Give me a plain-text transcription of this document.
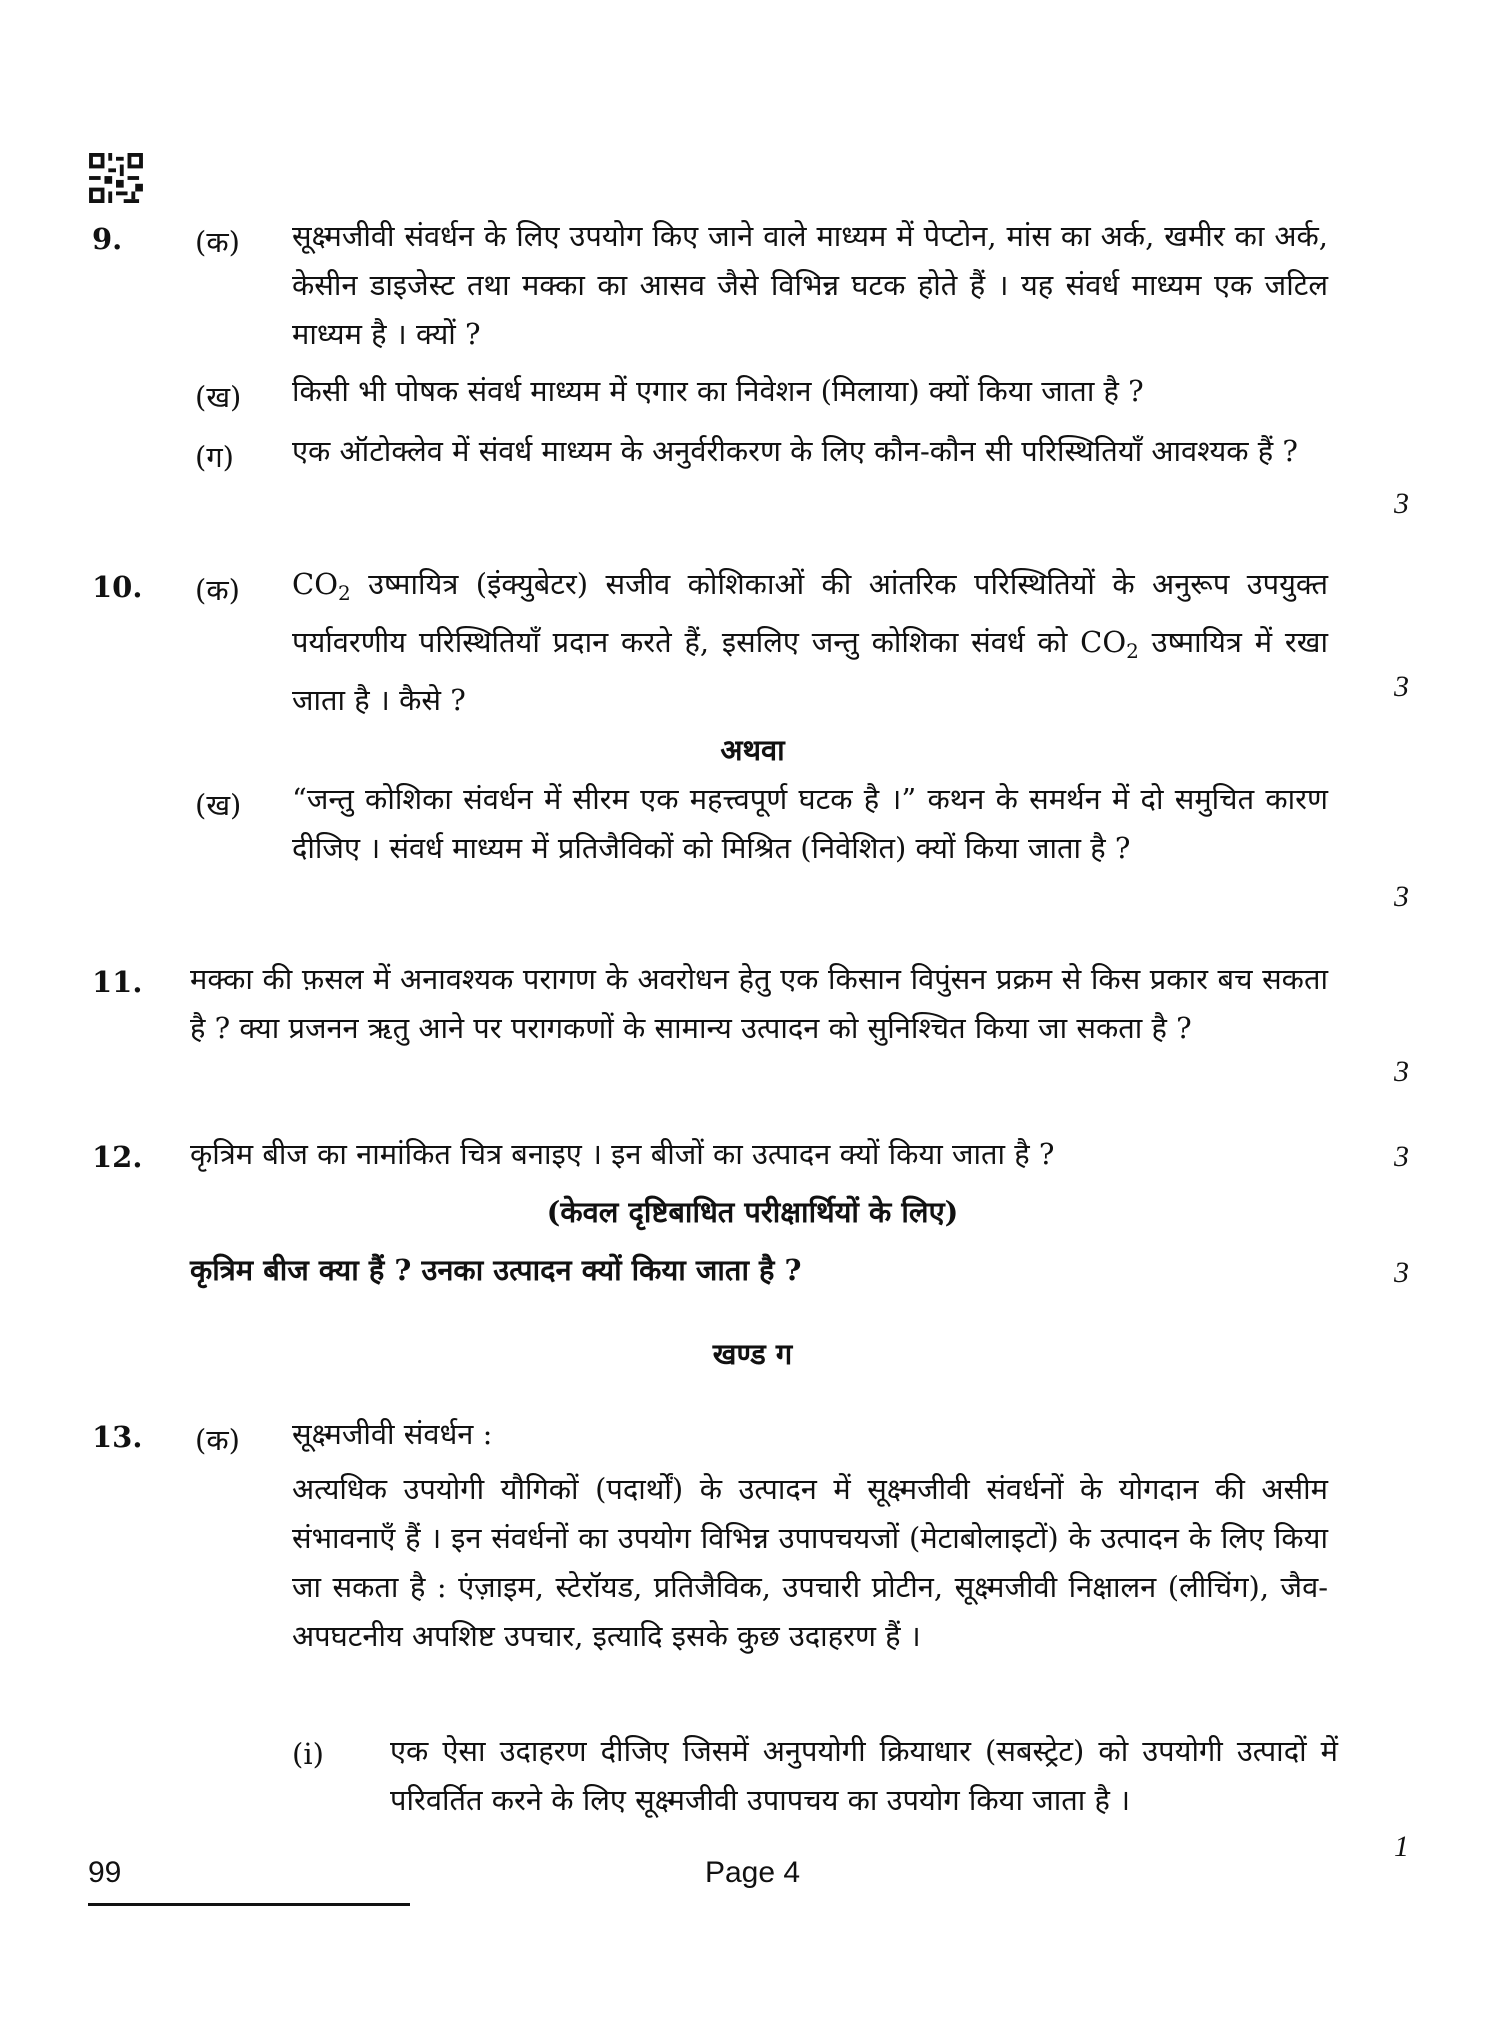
9.	(क) सूक्ष्मजीवी संवर्धन के लिए उपयोग किए जाने वाले माध्यम में पेप्टोन, मांस का अर्क, खमीर का अर्क, केसीन डाइजेस्ट तथा मक्का का आसव जैसे विभिन्न घटक होते हैं । यह संवर्ध माध्यम एक जटिल माध्यम है । क्यों ?
(ख) किसी भी पोषक संवर्ध माध्यम में एगार का निवेशन (मिलाया) क्यों किया जाता है ?
(ग) एक ऑटोक्लेव में संवर्ध माध्यम के अनुर्वरीकरण के लिए कौन-कौन सी परिस्थितियाँ आवश्यक हैं ?
3
10. (क) $CO_2$ उष्मायित्र (इंक्युबेटर) सजीव कोशिकाओं की आंतरिक परिस्थितियों के अनुरूप उपयुक्त पर्यावरणीय परिस्थितियाँ प्रदान करते हैं, इसलिए जन्तु कोशिका संवर्ध को $CO_2$ उष्मायित्र में रखा जाता है । कैसे ?	3
अथवा
(ख) “जन्तु कोशिका संवर्धन में सीरम एक महत्त्वपूर्ण घटक है ।” कथन के समर्थन में दो समुचित कारण दीजिए । संवर्ध माध्यम में प्रतिजैविकों को मिश्रित (निवेशित) क्यों किया जाता है ?
3
11. मक्का की फ़सल में अनावश्यक परागण के अवरोधन हेतु एक किसान विपुंसन प्रक्रम से किस प्रकार बच सकता है ? क्या प्रजनन ऋतु आने पर परागकणों के सामान्य उत्पादन को सुनिश्चित किया जा सकता है ?
3
12. कृत्रिम बीज का नामांकित चित्र बनाइए । इन बीजों का उत्पादन क्यों किया जाता है ?	3
(केवल दृष्टिबाधित परीक्षार्थियों के लिए)
कृत्रिम बीज क्या हैं ? उनका उत्पादन क्यों किया जाता है ?	3
खण्ड ग
13. (क) सूक्ष्मजीवी संवर्धन :
अत्यधिक उपयोगी यौगिकों (पदार्थों) के उत्पादन में सूक्ष्मजीवी संवर्धनों के योगदान की असीम संभावनाएँ हैं । इन संवर्धनों का उपयोग विभिन्न उपापचयजों (मेटाबोलाइटों) के उत्पादन के लिए किया जा सकता है : एंज़ाइम, स्टेरॉयड, प्रतिजैविक, उपचारी प्रोटीन, सूक्ष्मजीवी निक्षालन (लीचिंग), जैव-अपघटनीय अपशिष्ट उपचार, इत्यादि इसके कुछ उदाहरण हैं ।
(i) एक ऐसा उदाहरण दीजिए जिसमें अनुपयोगी क्रियाधार (सबस्ट्रेट) को उपयोगी उत्पादों में परिवर्तित करने के लिए सूक्ष्मजीवी उपापचय का उपयोग किया जाता है ।
1
99	Page 4
